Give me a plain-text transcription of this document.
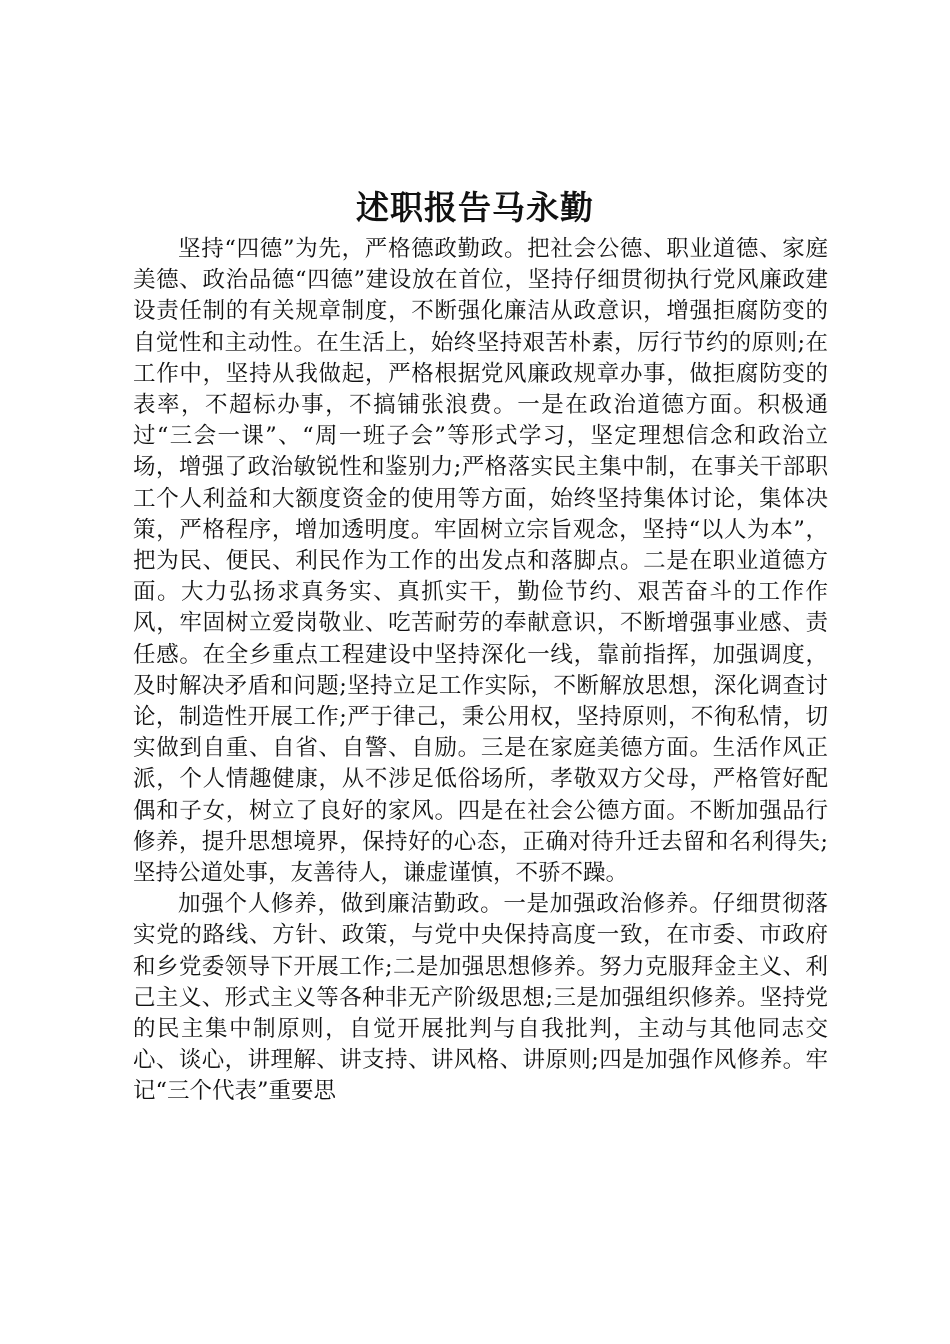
述职报告马永勤

坚持“四德”为先，严格德政勤政。把社会公德、职业道德、家庭美德、政治品德“四德”建设放在首位，坚持仔细贯彻执行党风廉政建设责任制的有关规章制度，不断强化廉洁从政意识，增强拒腐防变的自觉性和主动性。在生活上，始终坚持艰苦朴素，厉行节约的原则;在工作中，坚持从我做起，严格根据党风廉政规章办事，做拒腐防变的表率，不超标办事，不搞铺张浪费。一是在政治道德方面。积极通过“三会一课”、“周一班子会”等形式学习，坚定理想信念和政治立场，增强了政治敏锐性和鉴别力;严格落实民主集中制，在事关干部职工个人利益和大额度资金的使用等方面，始终坚持集体讨论，集体决策，严格程序，增加透明度。牢固树立宗旨观念，坚持“以人为本”，把为民、便民、利民作为工作的出发点和落脚点。二是在职业道德方面。大力弘扬求真务实、真抓实干，勤俭节约、艰苦奋斗的工作作风，牢固树立爱岗敬业、吃苦耐劳的奉献意识，不断增强事业感、责任感。在全乡重点工程建设中坚持深化一线，靠前指挥，加强调度，及时解决矛盾和问题;坚持立足工作实际，不断解放思想，深化调查讨论，制造性开展工作;严于律己，秉公用权，坚持原则，不徇私情，切实做到自重、自省、自警、自励。三是在家庭美德方面。生活作风正派，个人情趣健康，从不涉足低俗场所，孝敬双方父母，严格管好配偶和子女，树立了良好的家风。四是在社会公德方面。不断加强品行修养，提升思想境界，保持好的心态，正确对待升迁去留和名利得失;坚持公道处事，友善待人，谦虚谨慎，不骄不躁。

加强个人修养，做到廉洁勤政。一是加强政治修养。仔细贯彻落实党的路线、方针、政策，与党中央保持高度一致，在市委、市政府和乡党委领导下开展工作;二是加强思想修养。努力克服拜金主义、利己主义、形式主义等各种非无产阶级思想;三是加强组织修养。坚持党的民主集中制原则，自觉开展批判与自我批判，主动与其他同志交心、谈心，讲理解、讲支持、讲风格、讲原则;四是加强作风修养。牢记“三个代表”重要思
